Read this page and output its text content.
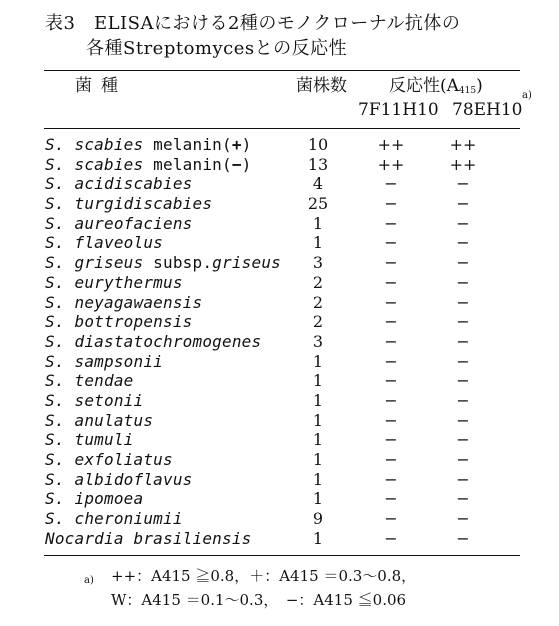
表3　ELISAにおける2種のモノクローナル抗体の
各種Streptomycesとの反応性
菌種	菌株数 反応性$(A_{415})$	a)
7F11H10 78EH10
S. scabies melanin(+)	10	++	++
S. scabies melanin(−)	13	++	++
S. acidiscabies	4	−	−
S. turgidiscabies	25	−	−
S. aureofaciens	1	−	−
S. flaveolus	1	−	−
S. griseus subsp.griseus	3	−	−
S. eurythermus	2	−	−
S. neyagawaensis	2	−	−
S. bottropensis	2	−	−
S. diastatochromogenes	3	−	−
S. sampsonii	1	−	−
S. tendae	1	−	−
S. setonii	1	−	−
S. anulatus	1	−	−
S. tumuli	1	−	−
S. exfoliatus	1	−	−
S. albidoflavus	1	−	−
S. ipomoea	1	−	−
S. cheroniumii	9	−	−
Nocardia brasiliensis	1	−	−
a) ++：A415 ≧0.8，＋：A415 ＝0.3～0.8，
W：A415 ＝0.1～0.3，　−：A415 ≦0.06
